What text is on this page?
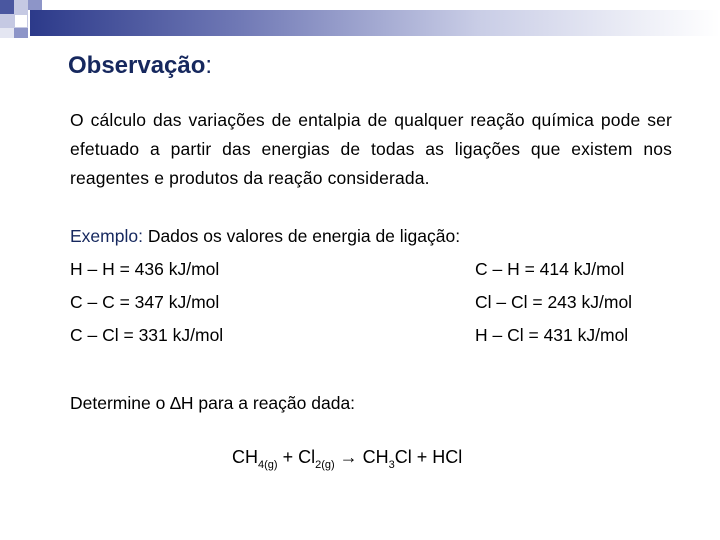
Observação:
O cálculo das variações de entalpia de qualquer reação química pode ser efetuado a partir das energias de todas as ligações que existem nos reagentes e produtos da reação considerada.
Exemplo: Dados os valores de energia de ligação:
H – H = 436 kJ/mol	C – H = 414 kJ/mol
C – C = 347 kJ/mol	Cl – Cl = 243 kJ/mol
C – Cl = 331 kJ/mol	H – Cl = 431 kJ/mol
Determine o ∆H para a reação dada:
$CH_{4(g)} + Cl_{2(g)} \to CH_3Cl$ + HCl
